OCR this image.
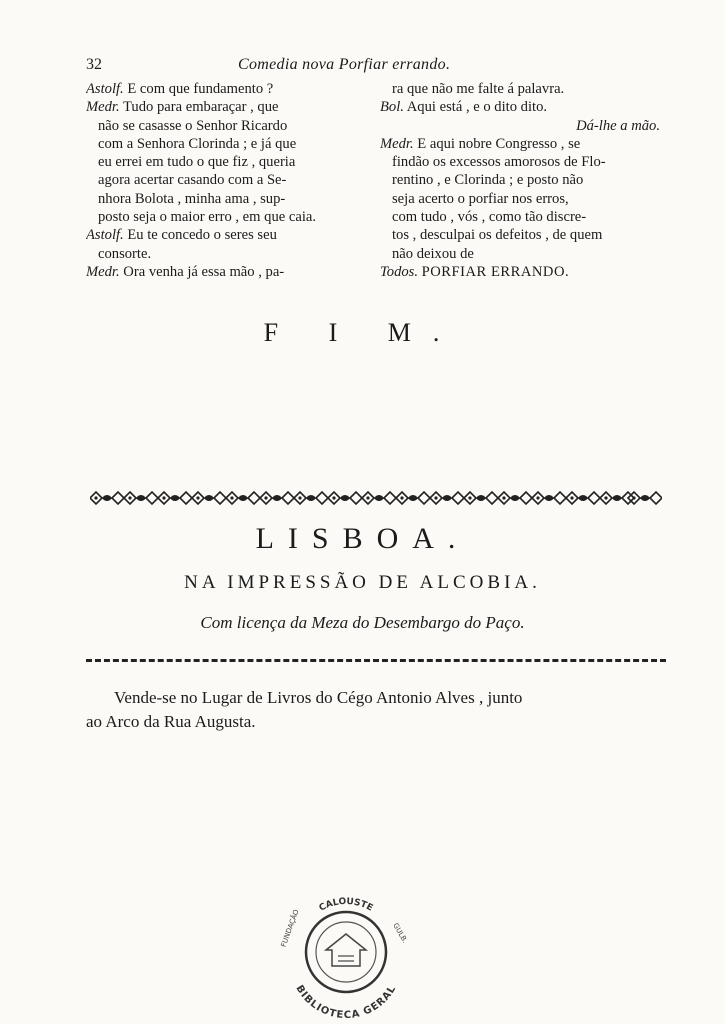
32	Comedia nova Porfiar errando.
Astolf. E com que fundamento ?
Medr. Tudo para embaraçar , que
não se casasse o Senhor Ricardo
com a Senhora Clorinda ; e já que
eu errei em tudo o que fiz , queria
agora acertar casando com a Se-
nhora Bolota , minha ama , sup-
posto seja o maior erro , em que caia.
Astolf. Eu te concedo o seres seu
consorte.
Medr. Ora venha já essa mão , pa-
ra que não me falte á palavra.
Bol. Aqui está , e o dito dito.
Dá-lhe a mão.
Medr. E aqui nobre Congresso , se
findão os excessos amorosos de Flo-
rentino , e Clorinda ; e posto não
seja acerto o porfiar nos erros,
com tudo , vós , como tão discre-
tos , desculpai os defeitos , de quem
não deixou de
Todos. PORFIAR ERRANDO.
F I M.
LISBOA.
NA IMPRESSÃO DE ALCOBIA.
Com licença da Meza do Desembargo do Paço.
Vende-se no Lugar de Livros do Cégo Antonio Alves , junto
ao Arco da Rua Augusta.
CALOUSTE
FUNDAÇÃO	GULB.
BIBLIOTECA GERAL
